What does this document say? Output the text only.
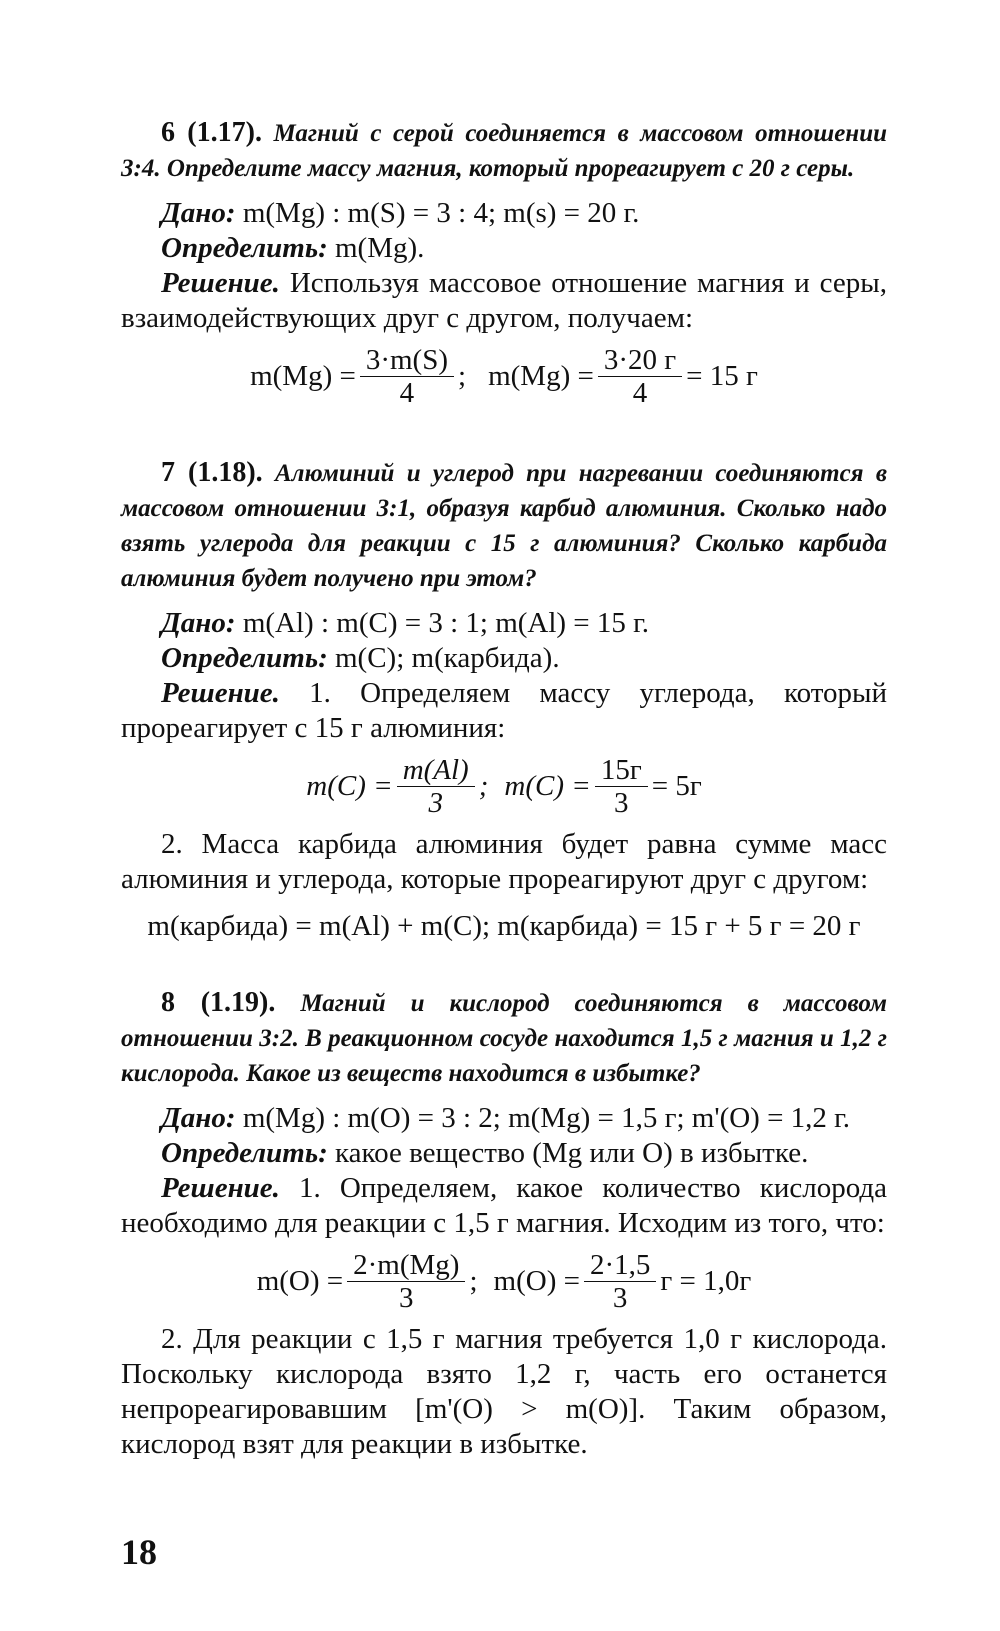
6 (1.17). Магний с серой соединяется в массовом отношении 3:4. Определите массу магния, который прореагирует с 20 г серы.

Дано: m(Mg) : m(S) = 3 : 4; m(s) = 20 г.

Определить: m(Mg).

Решение. Используя массовое отношение магния и серы, взаимодействующих друг с другом, получаем:

$m(Mg) = \frac{3\cdot m(S)}{4}$ ; $m(Mg) = \frac{3\cdot 20 г}{4} = 15$ г

7 (1.18). Алюминий и углерод при нагревании соединяются в массовом отношении 3:1, образуя карбид алюминия. Сколько надо взять углерода для реакции с 15 г алюминия? Сколько карбида алюминия будет получено при этом?

Дано: m(Al) : m(C) = 3 : 1; m(Al) = 15 г.

Определить: m(C); m(карбида).

Решение. 1. Определяем массу углерода, который прореагирует с 15 г алюминия:

$m(C) = \frac{m(Al)}{3}$ ; $m(C) = \frac{15г}{3} = 5г$

2. Масса карбида алюминия будет равна сумме масс алюминия и углерода, которые прореагируют друг с другом:

m(карбида) = m(Al) + m(C); m(карбида) = 15 г + 5 г = 20 г

8 (1.19). Магний и кислород соединяются в массовом отношении 3:2. В реакционном сосуде находится 1,5 г магния и 1,2 г кислорода. Какое из веществ находится в избытке?

Дано: m(Mg) : m(O) = 3 : 2; m(Mg) = 1,5 г; m'(O) = 1,2 г.

Определить: какое вещество (Mg или O) в избытке.

Решение. 1. Определяем, какое количество кислорода необходимо для реакции с 1,5 г магния. Исходим из того, что:

$m(O) = \frac{2\cdot m(Mg)}{3}$ ; $m(O) = \frac{2\cdot 1,5}{3}$ г = 1,0г

2. Для реакции с 1,5 г магния требуется 1,0 г кислорода. Поскольку кислорода взято 1,2 г, часть его останется непрореагировавшим [m'(O) > m(O)]. Таким образом, кислород взят для реакции в избытке.

18
